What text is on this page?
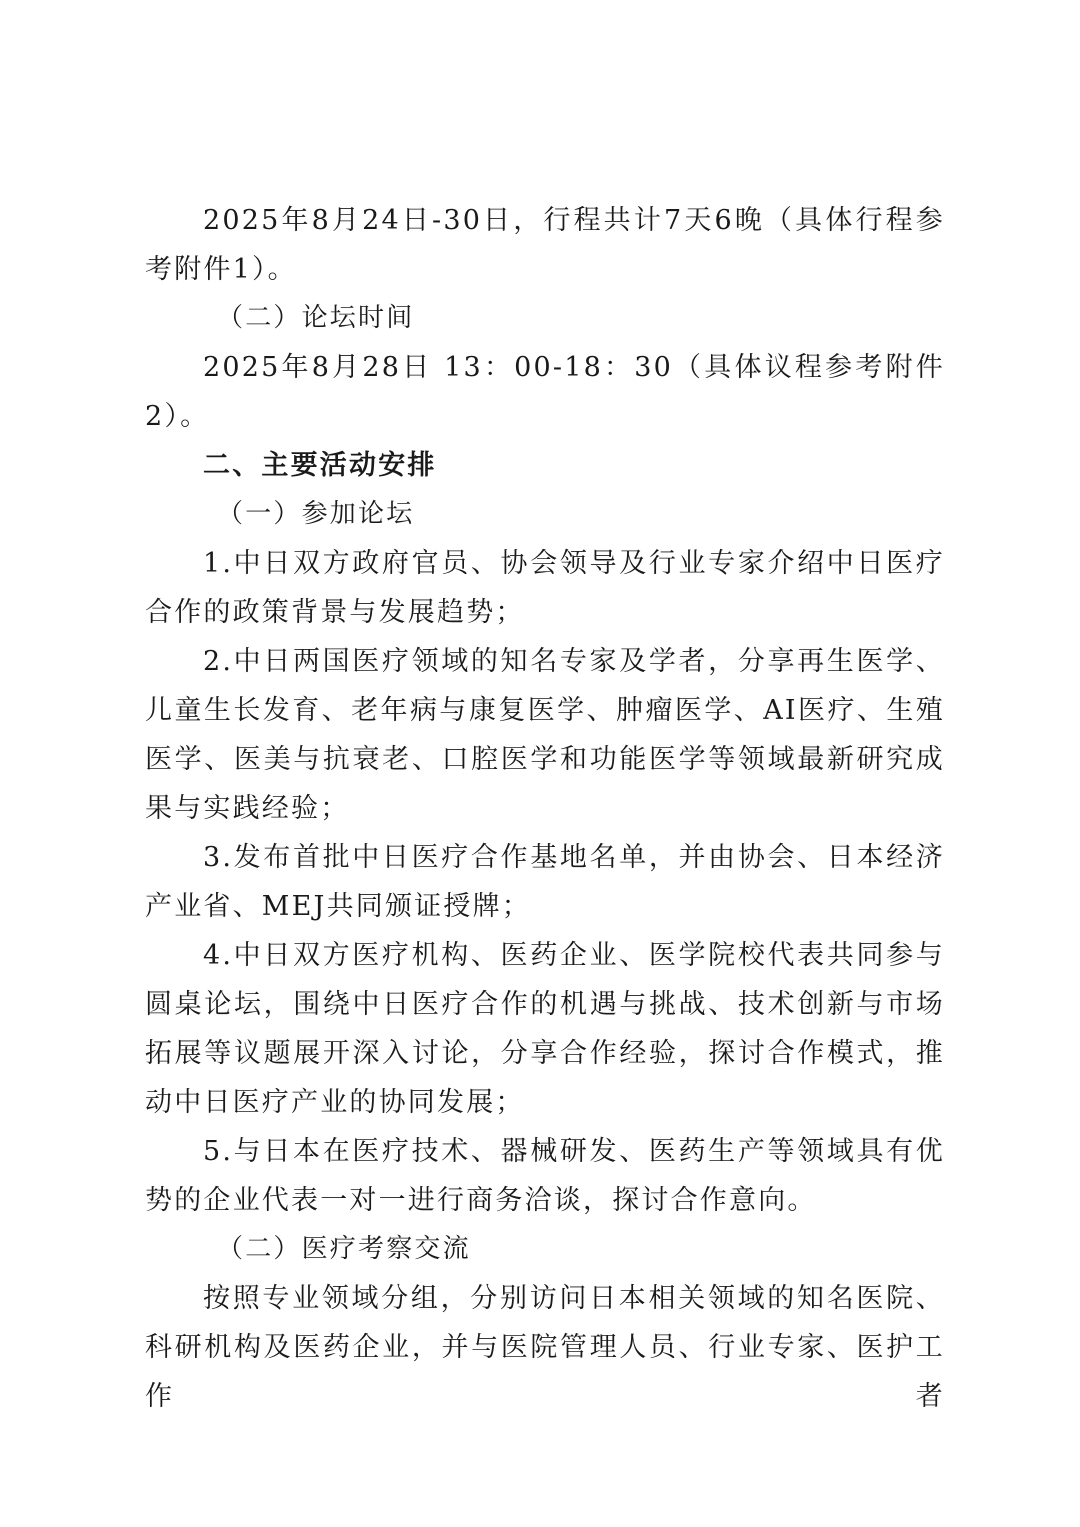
2025年8月24日-30日，行程共计7天6晚（具体行程参考附件1）。

（二）论坛时间

2025年8月28日 13：00-18：30（具体议程参考附件2）。

二、主要活动安排

（一）参加论坛

1.中日双方政府官员、协会领导及行业专家介绍中日医疗合作的政策背景与发展趋势；

2.中日两国医疗领域的知名专家及学者，分享再生医学、儿童生长发育、老年病与康复医学、肿瘤医学、AI医疗、生殖医学、医美与抗衰老、口腔医学和功能医学等领域最新研究成果与实践经验；

3.发布首批中日医疗合作基地名单，并由协会、日本经济产业省、MEJ共同颁证授牌；

4.中日双方医疗机构、医药企业、医学院校代表共同参与圆桌论坛，围绕中日医疗合作的机遇与挑战、技术创新与市场拓展等议题展开深入讨论，分享合作经验，探讨合作模式，推动中日医疗产业的协同发展；

5.与日本在医疗技术、器械研发、医药生产等领域具有优势的企业代表一对一进行商务洽谈，探讨合作意向。

（二）医疗考察交流

按照专业领域分组，分别访问日本相关领域的知名医院、科研机构及医药企业，并与医院管理人员、行业专家、医护工作者
